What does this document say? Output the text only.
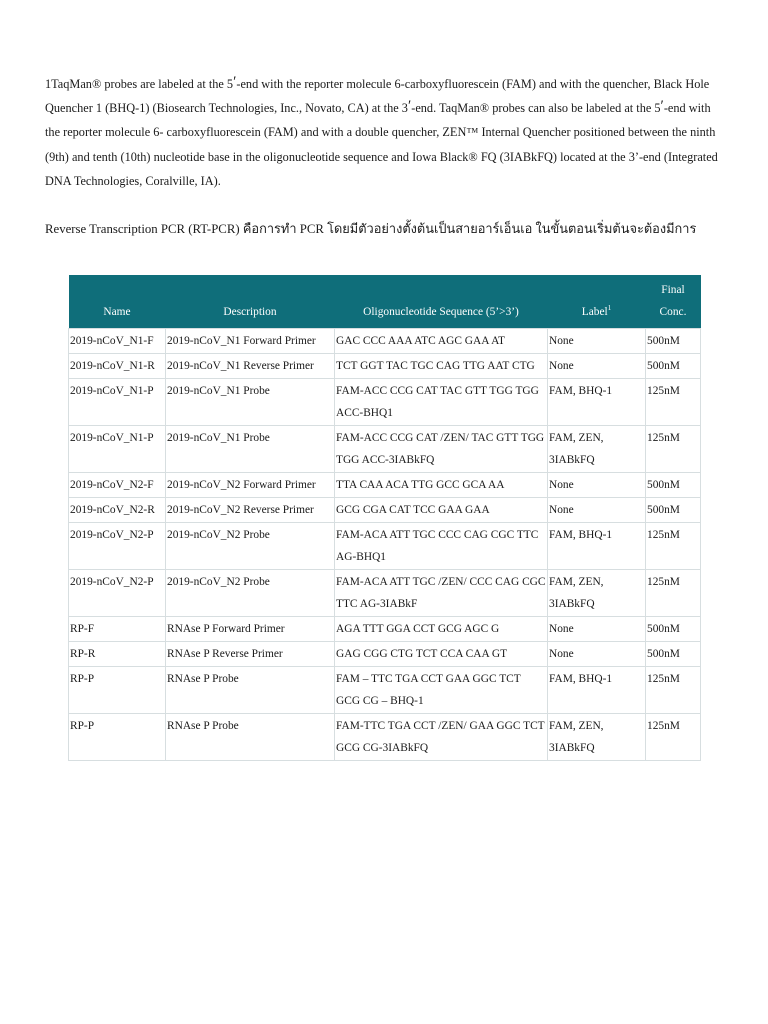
1TaqMan® probes are labeled at the 5′-end with the reporter molecule 6-carboxyfluorescein (FAM) and with the quencher, Black Hole Quencher 1 (BHQ-1) (Biosearch Technologies, Inc., Novato, CA) at the 3′-end. TaqMan® probes can also be labeled at the 5′-end with the reporter molecule 6- carboxyfluorescein (FAM) and with a double quencher, ZEN™ Internal Quencher positioned between the ninth (9th) and tenth (10th) nucleotide base in the oligonucleotide sequence and Iowa Black® FQ (3IABkFQ) located at the 3’-end (Integrated DNA Technologies, Coralville, IA).

Reverse Transcription PCR (RT-PCR) คือการทำ PCR โดยมีตัวอย่างตั้งต้นเป็นสายอาร์เอ็นเอ ในขั้นตอนเริ่มต้นจะต้องมีการ

Name	Description	Oligonucleotide Sequence (5’>3’)	Label$^1$	Final
Conc.
2019-nCoV_N1-F	2019-nCoV_N1 Forward Primer	GAC CCC AAA ATC AGC GAA AT	None	500nM
2019-nCoV_N1-R	2019-nCoV_N1 Reverse Primer	TCT GGT TAC TGC CAG TTG AAT CTG	None	500nM
2019-nCoV_N1-P	2019-nCoV_N1 Probe	FAM-ACC CCG CAT TAC GTT TGG TGG ACC-BHQ1	FAM, BHQ-1	125nM
2019-nCoV_N1-P	2019-nCoV_N1 Probe	FAM-ACC CCG CAT /ZEN/ TAC GTT TGG TGG ACC-3IABkFQ	FAM, ZEN, 3IABkFQ	125nM
2019-nCoV_N2-F	2019-nCoV_N2 Forward Primer	TTA CAA ACA TTG GCC GCA AA	None	500nM
2019-nCoV_N2-R	2019-nCoV_N2 Reverse Primer	GCG CGA CAT TCC GAA GAA	None	500nM
2019-nCoV_N2-P	2019-nCoV_N2 Probe	FAM-ACA ATT TGC CCC CAG CGC TTC AG-BHQ1	FAM, BHQ-1	125nM
2019-nCoV_N2-P	2019-nCoV_N2 Probe	FAM-ACA ATT TGC /ZEN/ CCC CAG CGC TTC AG-3IABkF	FAM, ZEN, 3IABkFQ	125nM
RP-F	RNAse P Forward Primer	AGA TTT GGA CCT GCG AGC G	None	500nM
RP-R	RNAse P Reverse Primer	GAG CGG CTG TCT CCA CAA GT	None	500nM
RP-P	RNAse P Probe	FAM – TTC TGA CCT GAA GGC TCT GCG CG – BHQ-1	FAM, BHQ-1	125nM
RP-P	RNAse P Probe	FAM-TTC TGA CCT /ZEN/ GAA GGC TCT GCG CG-3IABkFQ	FAM, ZEN, 3IABkFQ	125nM
